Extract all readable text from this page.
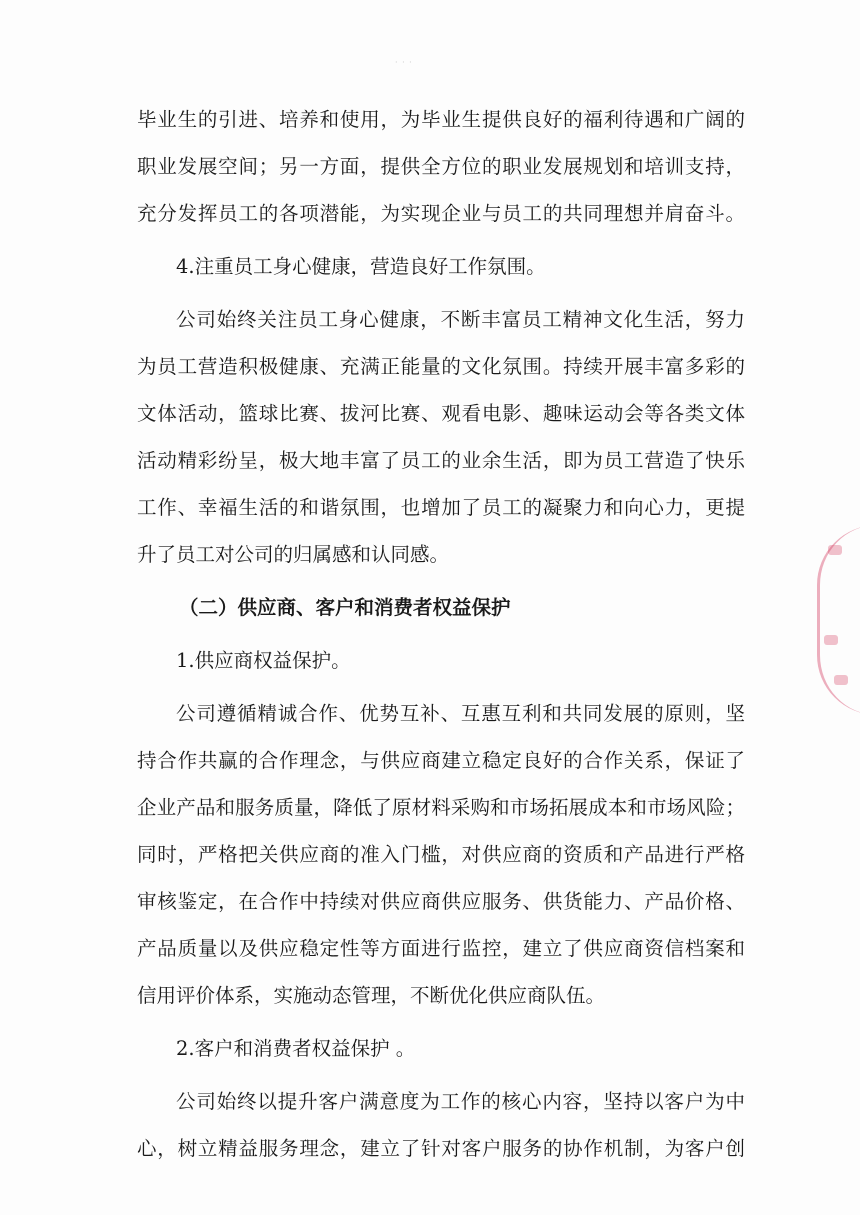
· · ·
毕业生的引进、培养和使用，为毕业生提供良好的福利待遇和广阔的
职业发展空间；另一方面，提供全方位的职业发展规划和培训支持，
充分发挥员工的各项潜能，为实现企业与员工的共同理想并肩奋斗。
4.注重员工身心健康，营造良好工作氛围。
公司始终关注员工身心健康，不断丰富员工精神文化生活，努力
为员工营造积极健康、充满正能量的文化氛围。持续开展丰富多彩的
文体活动，篮球比赛、拔河比赛、观看电影、趣味运动会等各类文体
活动精彩纷呈，极大地丰富了员工的业余生活，即为员工营造了快乐
工作、幸福生活的和谐氛围，也增加了员工的凝聚力和向心力，更提
升了员工对公司的归属感和认同感。
（二）供应商、客户和消费者权益保护
1.供应商权益保护。
公司遵循精诚合作、优势互补、互惠互利和共同发展的原则，坚
持合作共赢的合作理念，与供应商建立稳定良好的合作关系，保证了
企业产品和服务质量，降低了原材料采购和市场拓展成本和市场风险；
同时，严格把关供应商的准入门槛，对供应商的资质和产品进行严格
审核鉴定，在合作中持续对供应商供应服务、供货能力、产品价格、
产品质量以及供应稳定性等方面进行监控，建立了供应商资信档案和
信用评价体系，实施动态管理，不断优化供应商队伍。
2.客户和消费者权益保护 。
公司始终以提升客户满意度为工作的核心内容，坚持以客户为中
心，树立精益服务理念，建立了针对客户服务的协作机制，为客户创
